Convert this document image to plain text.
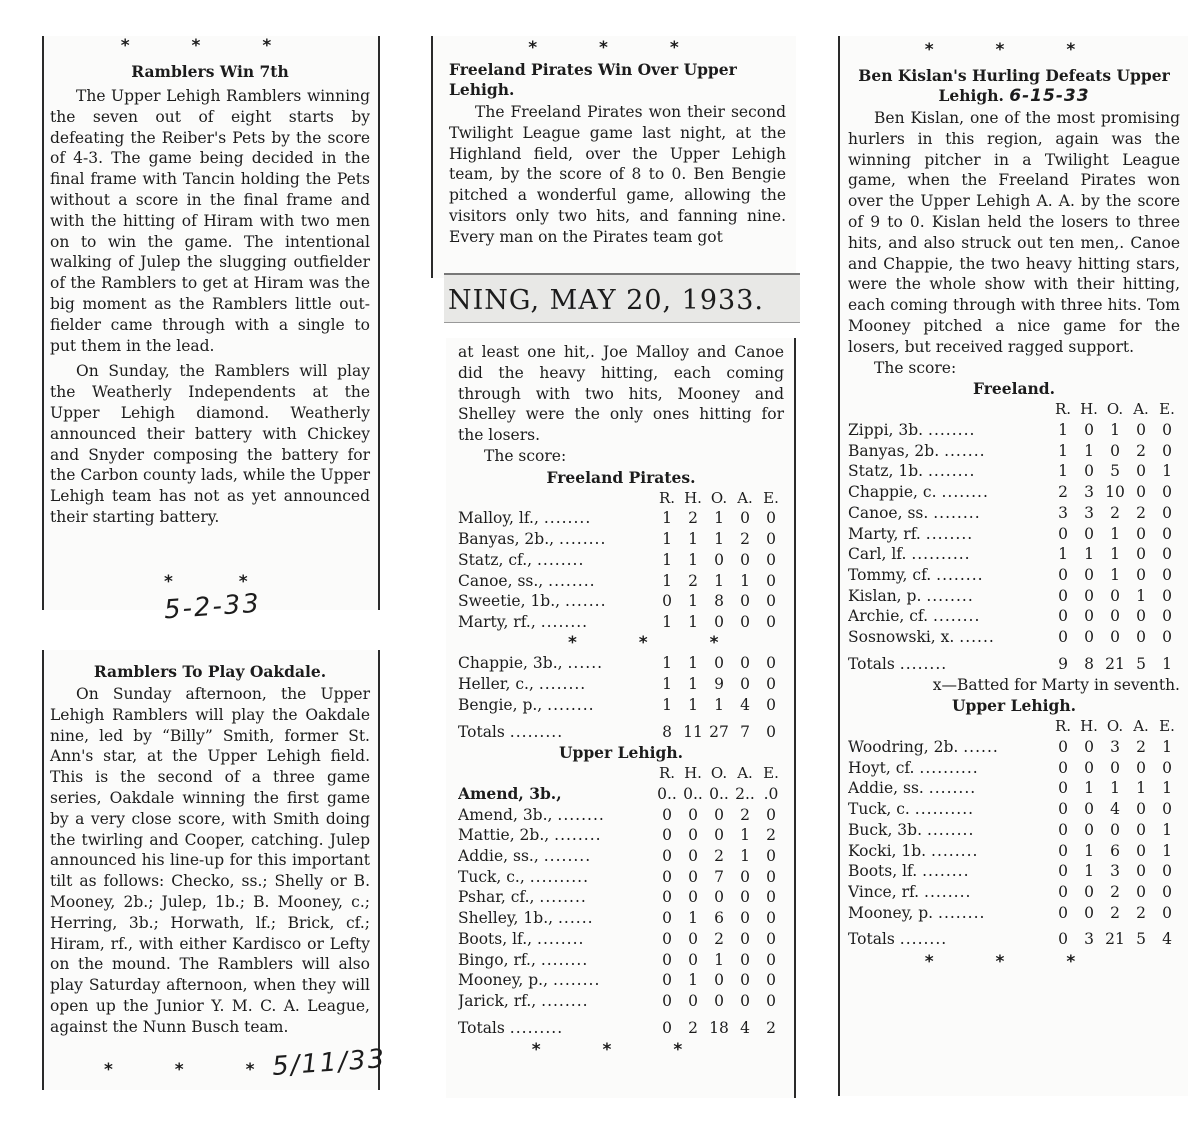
* * *
Ramblers Win 7th

The Upper Lehigh Ramblers winning the seven out of eight starts by defeating the Reiber's Pets by the score of 4-3. The game being decided in the final frame with Tancin holding the Pets without a score in the final frame and with the hitting of Hiram with two men on to win the game. The intentional walking of Julep the slugging outfielder of the Ramblers to get at Hiram was the big moment as the Ramblers little out-fielder came through with a single to put them in the lead.

On Sunday, the Ramblers will play the Weatherly Independents at the Upper Lehigh diamond. Weatherly announced their battery with Chickey and Snyder composing the battery for the Carbon county lads, while the Upper Lehigh team has not as yet announced their starting battery.

* * 5-2-33
Ramblers To Play Oakdale.

On Sunday afternoon, the Upper Lehigh Ramblers will play the Oakdale nine, led by “Billy” Smith, former St. Ann's star, at the Upper Lehigh field. This is the second of a three game series, Oakdale winning the first game by a very close score, with Smith doing the twirling and Cooper, catching. Julep announced his line-up for this important tilt as follows: Checko, ss.; Shelly or B. Mooney, 2b.; Julep, 1b.; B. Mooney, c.; Herring, 3b.; Horwath, lf.; Brick, cf.; Hiram, rf., with either Kardisco or Lefty on the mound. The Ramblers will also play Saturday afternoon, when they will open up the Junior Y. M. C. A. League, against the Nunn Busch team.

* * *
5/11/33
* * *
Freeland Pirates Win Over Upper Lehigh.

The Freeland Pirates won their second Twilight League game last night, at the Highland field, over the Upper Lehigh team, by the score of 8 to 0. Ben Bengie pitched a wonderful game, allowing the visitors only two hits, and fanning nine. Every man on the Pirates team got

NING, MAY 20, 1933.

at least one hit,. Joe Malloy and Canoe did the heavy hitting, each coming through with two hits, Mooney and Shelley were the only ones hitting for the losers.

The score:

Freeland Pirates.
	R.	H.	O.	A.	E.
Malloy, lf., ........	1	2	1	0	0
Banyas, 2b., ........	1	1	1	2	0
Statz, cf., ........	1	1	0	0	0
Canoe, ss., ........	1	2	1	1	0
Sweetie, 1b., .......	0	1	8	0	0
Marty, rf., ........	1	1	0	0	0
* * *					
Chappie, 3b., ......	1	1	0	0	0
Heller, c., ........	1	1	9	0	0
Bengie, p., ........	1	1	1	4	0
Totals .........	8	11	27	7	0
Upper Lehigh.
	R.	H.	O.	A.	E.
Amend, 3b.,	0..	0..	0..	2..	.0
Amend, 3b., ........	0	0	0	2	0
Mattie, 2b., ........	0	0	0	1	2
Addie, ss., ........	0	0	2	1	0
Tuck, c., ..........	0	0	7	0	0
Pshar, cf., ........	0	0	0	0	0
Shelley, 1b., ......	0	1	6	0	0
Boots, lf., ........	0	0	2	0	0
Bingo, rf., ........	0	0	1	0	0
Mooney, p., ........	0	1	0	0	0
Jarick, rf., ........	0	0	0	0	0
Totals .........	0	2	18	4	2
* * *
* * *
Ben Kislan's Hurling Defeats Upper Lehigh. 6-15-33

Ben Kislan, one of the most promising hurlers in this region, again was the winning pitcher in a Twilight League game, when the Freeland Pirates won over the Upper Lehigh A. A. by the score of 9 to 0. Kislan held the losers to three hits, and also struck out ten men,. Canoe and Chappie, the two heavy hitting stars, were the whole show with their hitting, each coming through with three hits. Tom Mooney pitched a nice game for the losers, but received ragged support.

The score:

Freeland.
	R.	H.	O.	A.	E.
Zippi, 3b. ........	1	0	1	0	0
Banyas, 2b. .......	1	1	0	2	0
Statz, 1b. ........	1	0	5	0	1
Chappie, c. ........	2	3	10	0	0
Canoe, ss. ........	3	3	2	2	0
Marty, rf. ........	0	0	1	0	0
Carl, lf. ..........	1	1	1	0	0
Tommy, cf. ........	0	0	1	0	0
Kislan, p. ........	0	0	0	1	0
Archie, cf. ........	0	0	0	0	0
Sosnowski, x. ......	0	0	0	0	0
Totals ........	9	8	21	5	1
x—Batted for Marty in seventh.
Upper Lehigh.
	R.	H.	O.	A.	E.
Woodring, 2b. ......	0	0	3	2	1
Hoyt, cf. ..........	0	0	0	0	0
Addie, ss. ........	0	1	1	1	1
Tuck, c. ..........	0	0	4	0	0
Buck, 3b. ........	0	0	0	0	1
Kocki, 1b. ........	0	1	6	0	1
Boots, lf. ........	0	1	3	0	0
Vince, rf. ........	0	0	2	0	0
Mooney, p. ........	0	0	2	2	0
Totals ........	0	3	21	5	4
* * *
